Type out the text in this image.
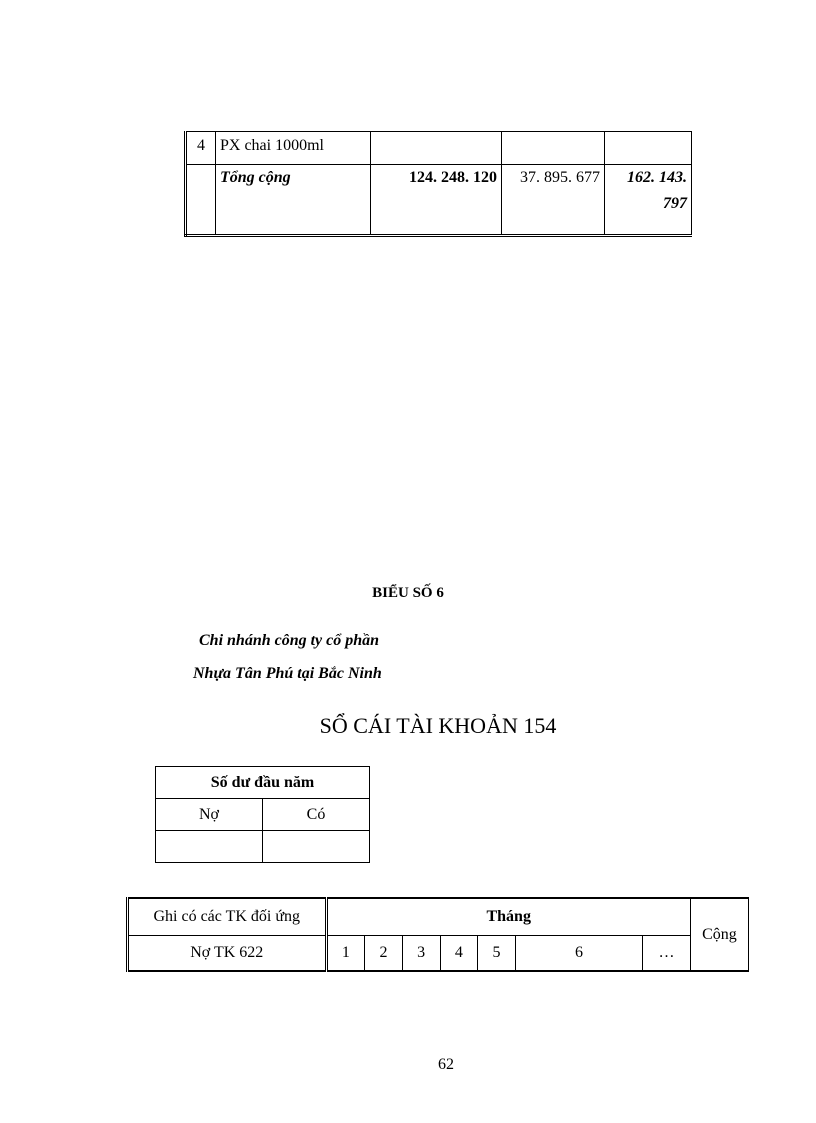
4	PX chai 1000ml			
	Tổng cộng	124. 248. 120	37. 895. 677	162. 143.
797
BIỂU SỐ 6
Chi nhánh công ty cổ phần
Nhựa Tân Phú tại Bắc Ninh
SỔ CÁI TÀI KHOẢN 154
Số dư đầu năm	
Nợ	Có

Ghi có các TK đối ứng	Tháng							Cộng
Nợ TK 622	1	2	3	4	5	6	…	
62
